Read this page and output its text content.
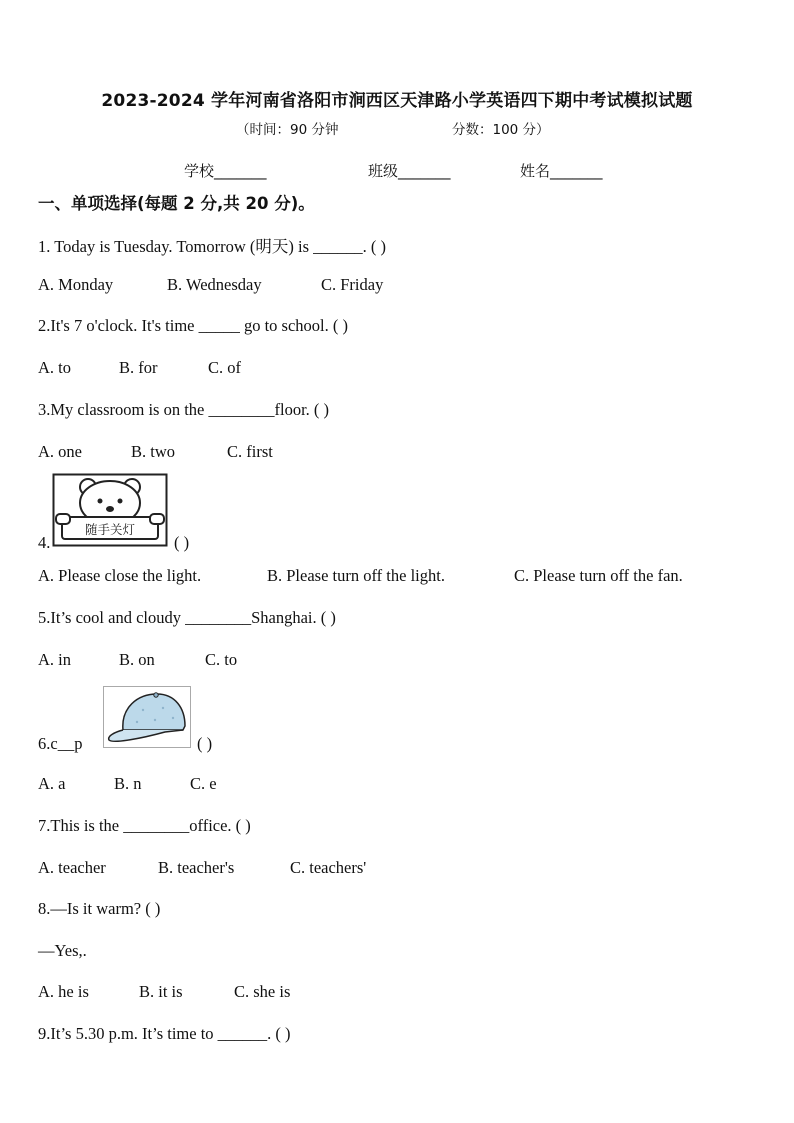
2023-2024 学年河南省洛阳市涧西区天津路小学英语四下期中考试模拟试题
（时间：90 分钟	分数：100 分）
学校_______	班级_______	姓名_______
一、单项选择(每题 2 分,共 20 分)。
1. Today is Tuesday. Tomorrow (明天) is ______. ( )
A. Monday	B. Wednesday	C. Friday
2.It's 7 o'clock. It's time _____ go to school. ( )
A. to	B. for	C. of
3.My classroom is on the ________floor. ( )
A. one	B. two	C. first
随手关灯
4.	( )
A. Please close the light.	B. Please turn off the light.	C. Please turn off the fan.
5.It’s cool and cloudy ________Shanghai. ( )
A. in	B. on	C. to
6.c__p	( )
A. a	B. n	C. e
7.This is the ________office. ( )
A. teacher	B. teacher's	C. teachers'
8.—Is it warm? ( )
—Yes,.
A. he is	B. it is	C. she is
9.It’s 5.30 p.m. It’s time to ______. ( )
